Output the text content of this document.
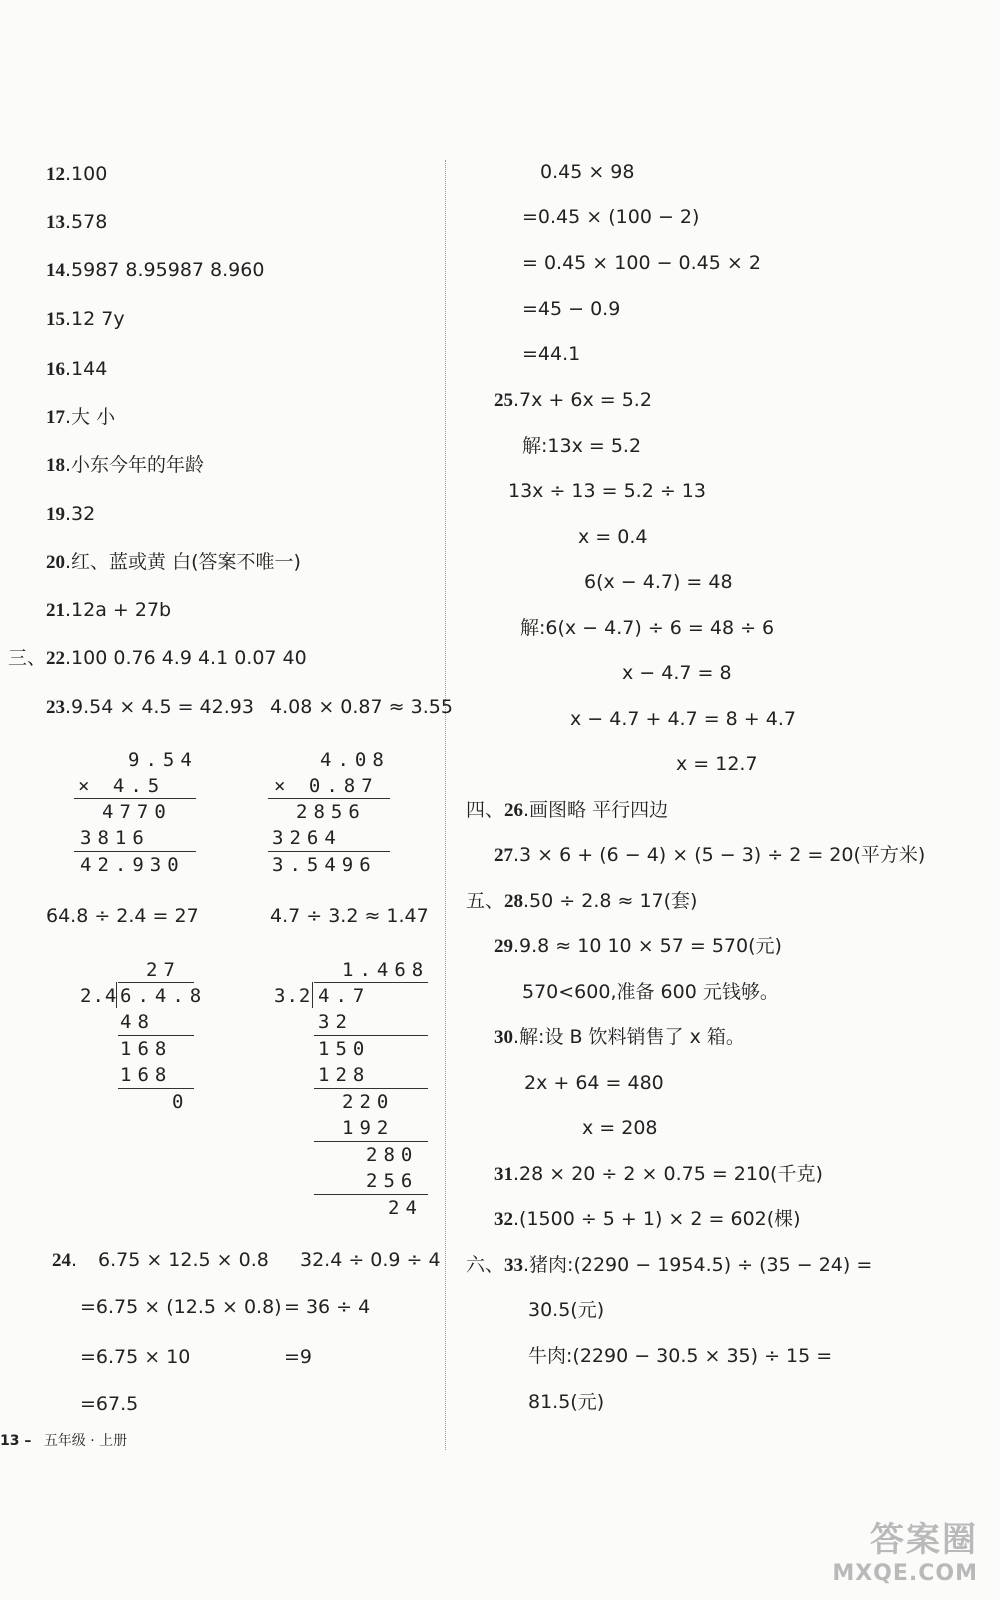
12.100
13.578
14.5987 8.95987 8.960
15.12 7y
16.144
17.大 小
18.小东今年的年龄
19.32
20.红、蓝或黄 白(答案不唯一)
21.12a + 27b
三、22.100 0.76 4.9 4.1 0.07 40
23.9.54 × 4.5 = 42.93 4.08 × 0.87 ≈ 3.55
9.54
× 4.5
4770
3816
42.930
4.08
× 0.87
2856
3264
3.5496
64.8 ÷ 2.4 = 27	4.7 ÷ 3.2 ≈ 1.47
27
2.4 6.4.8
48
168
168
0
1.468
3.2 4.7
32
150
128
220
192
280
256
24
24. 6.75 × 12.5 × 0.8 32.4 ÷ 0.9 ÷ 4
=6.75 × (12.5 × 0.8) = 36 ÷ 4
=6.75 × 10	=9
=67.5
0.45 × 98
=0.45 × (100 − 2)
= 0.45 × 100 − 0.45 × 2
=45 − 0.9
=44.1
25.7x + 6x = 5.2
解:13x = 5.2
13x ÷ 13 = 5.2 ÷ 13
x = 0.4
6(x − 4.7) = 48
解:6(x − 4.7) ÷ 6 = 48 ÷ 6
x − 4.7 = 8
x − 4.7 + 4.7 = 8 + 4.7
x = 12.7
四、26.画图略 平行四边
27.3 × 6 + (6 − 4) × (5 − 3) ÷ 2 = 20(平方米)
五、28.50 ÷ 2.8 ≈ 17(套)
29.9.8 ≈ 10 10 × 57 = 570(元)
570<600,准备 600 元钱够。
30.解:设 B 饮料销售了 x 箱。
2x + 64 = 480
x = 208
31.28 × 20 ÷ 2 × 0.75 = 210(千克)
32.(1500 ÷ 5 + 1) × 2 = 602(棵)
六、33.猪肉:(2290 − 1954.5) ÷ (35 − 24) =
30.5(元)
牛肉:(2290 − 30.5 × 35) ÷ 15 =
81.5(元)
13 – 五年级 · 上册
答案圈
MXQE.COM
